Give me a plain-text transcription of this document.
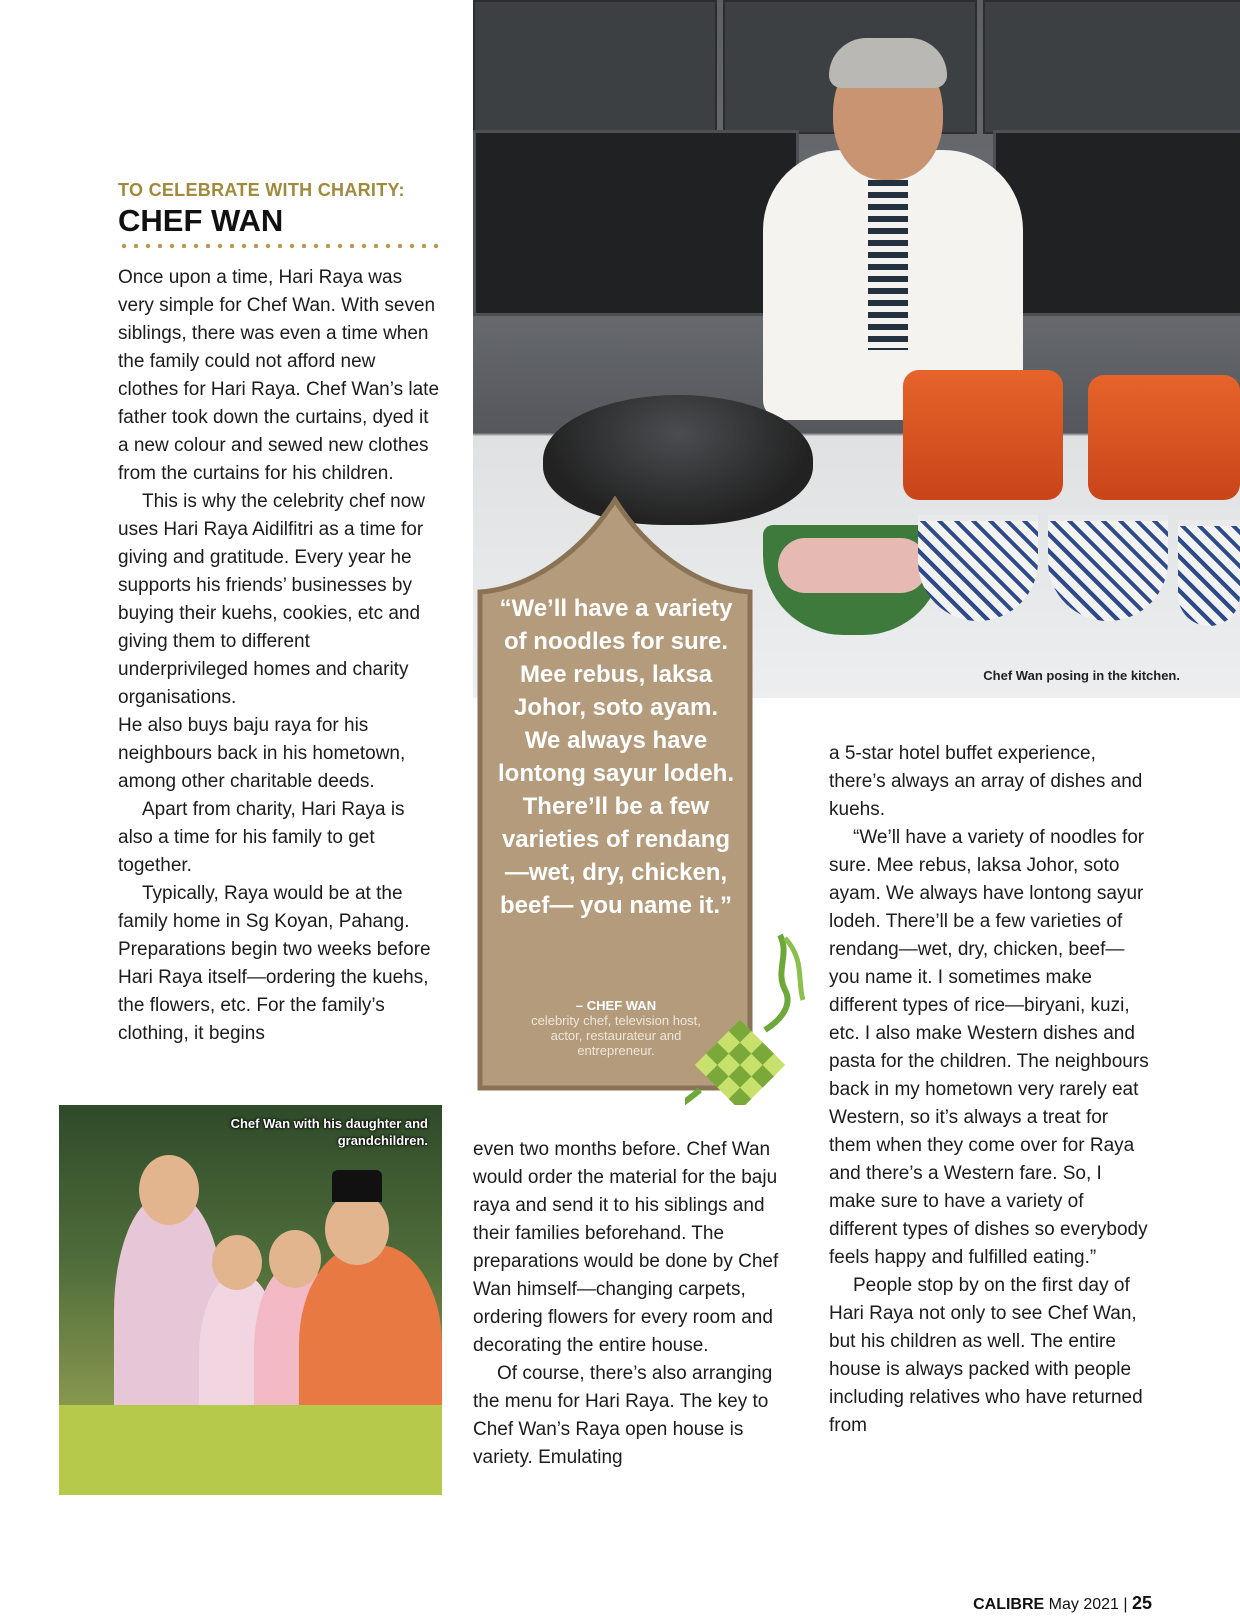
Chef Wan posing in the kitchen.
TO CELEBRATE WITH CHARITY:
CHEF WAN

Once upon a time, Hari Raya was very simple for Chef Wan. With seven siblings, there was even a time when the family could not afford new clothes for Hari Raya. Chef Wan’s late father took down the curtains, dyed it a new colour and sewed new clothes from the curtains for his children.

This is why the celebrity chef now uses Hari Raya Aidilfitri as a time for giving and gratitude. Every year he supports his friends’ businesses by buying their kuehs, cookies, etc and giving them to different underprivileged homes and charity organisations.

He also buys baju raya for his neighbours back in his hometown, among other charitable deeds.

Apart from charity, Hari Raya is also a time for his family to get together.

Typically, Raya would be at the family home in Sg Koyan, Pahang. Preparations begin two weeks before Hari Raya itself—ordering the kuehs, the flowers, etc. For the family’s clothing, it begins

Chef Wan with his daughter and grandchildren.
“We’ll have a variety of noodles for sure. Mee rebus, laksa Johor, soto ayam. We always have lontong sayur lodeh. There’ll be a few varieties of rendang—wet, dry, chicken, beef— you name it.”
– CHEF WAN
celebrity chef, television host, actor, restaurateur and entrepreneur.

even two months before. Chef Wan would order the material for the baju raya and send it to his siblings and their families beforehand. The preparations would be done by Chef Wan himself—changing carpets, ordering flowers for every room and decorating the entire house.

Of course, there’s also arranging the menu for Hari Raya. The key to Chef Wan’s Raya open house is variety. Emulating

a 5-star hotel buffet experience, there’s always an array of dishes and kuehs.

“We’ll have a variety of noodles for sure. Mee rebus, laksa Johor, soto ayam. We always have lontong sayur lodeh. There’ll be a few varieties of rendang—wet, dry, chicken, beef—you name it. I sometimes make different types of rice—biryani, kuzi, etc. I also make Western dishes and pasta for the children. The neighbours back in my hometown very rarely eat Western, so it’s always a treat for them when they come over for Raya and there’s a Western fare. So, I make sure to have a variety of different types of dishes so everybody feels happy and fulfilled eating.”

People stop by on the first day of Hari Raya not only to see Chef Wan, but his children as well. The entire house is always packed with people including relatives who have returned from

CALIBRE May 2021 | 25
